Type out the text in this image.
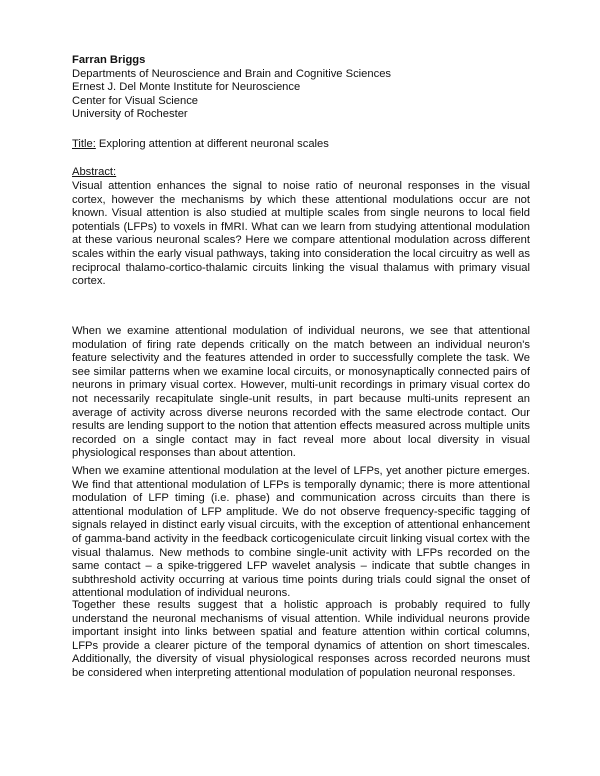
Farran Briggs
Departments of Neuroscience and Brain and Cognitive Sciences
Ernest J. Del Monte Institute for Neuroscience
Center for Visual Science
University of Rochester
Title: Exploring attention at different neuronal scales
Abstract:

Visual attention enhances the signal to noise ratio of neuronal responses in the visual cortex, however the mechanisms by which these attentional modulations occur are not known. Visual attention is also studied at multiple scales from single neurons to local field potentials (LFPs) to voxels in fMRI. What can we learn from studying attentional modulation at these various neuronal scales? Here we compare attentional modulation across different scales within the early visual pathways, taking into consideration the local circuitry as well as reciprocal thalamo-cortico-thalamic circuits linking the visual thalamus with primary visual cortex.

When we examine attentional modulation of individual neurons, we see that attentional modulation of firing rate depends critically on the match between an individual neuron's feature selectivity and the features attended in order to successfully complete the task. We see similar patterns when we examine local circuits, or monosynaptically connected pairs of neurons in primary visual cortex. However, multi-unit recordings in primary visual cortex do not necessarily recapitulate single-unit results, in part because multi-units represent an average of activity across diverse neurons recorded with the same electrode contact. Our results are lending support to the notion that attention effects measured across multiple units recorded on a single contact may in fact reveal more about local diversity in visual physiological responses than about attention.

When we examine attentional modulation at the level of LFPs, yet another picture emerges. We find that attentional modulation of LFPs is temporally dynamic; there is more attentional modulation of LFP timing (i.e. phase) and communication across circuits than there is attentional modulation of LFP amplitude. We do not observe frequency-specific tagging of signals relayed in distinct early visual circuits, with the exception of attentional enhancement of gamma-band activity in the feedback corticogeniculate circuit linking visual cortex with the visual thalamus. New methods to combine single-unit activity with LFPs recorded on the same contact – a spike-triggered LFP wavelet analysis – indicate that subtle changes in subthreshold activity occurring at various time points during trials could signal the onset of attentional modulation of individual neurons.

Together these results suggest that a holistic approach is probably required to fully understand the neuronal mechanisms of visual attention. While individual neurons provide important insight into links between spatial and feature attention within cortical columns, LFPs provide a clearer picture of the temporal dynamics of attention on short timescales. Additionally, the diversity of visual physiological responses across recorded neurons must be considered when interpreting attentional modulation of population neuronal responses.
